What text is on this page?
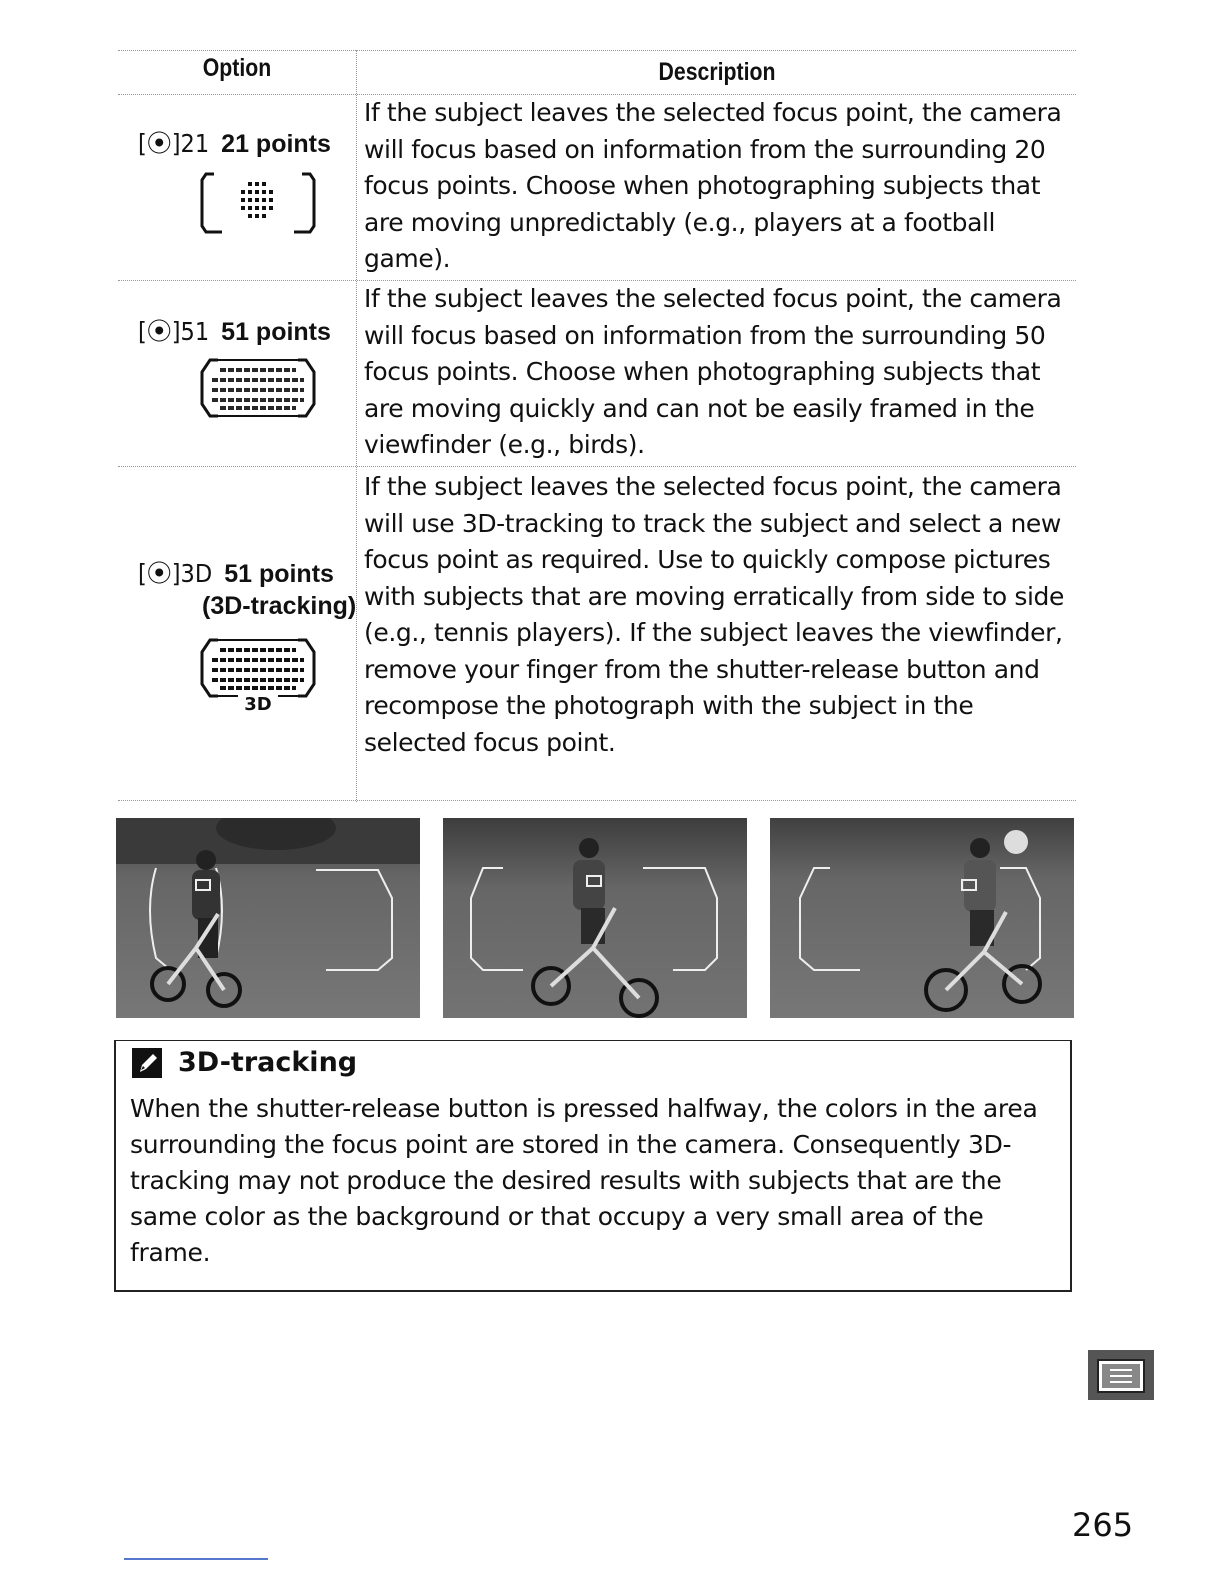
Option	Description
[⦿]21 21 points

If the subject leaves the selected focus point, the camera will focus based on information from the surrounding 20 focus points. Choose when photographing subjects that are moving unpredictably (e.g., players at a football game).

[⦿]51 51 points

If the subject leaves the selected focus point, the camera will focus based on information from the surrounding 50 focus points. Choose when photographing subjects that are moving quickly and can not be easily framed in the viewfinder (e.g., birds).

[⦿]3D 51 points
(3D-tracking)
3D

If the subject leaves the selected focus point, the camera will use 3D-tracking to track the subject and select a new focus point as required. Use to quickly compose pictures with subjects that are moving erratically from side to side (e.g., tennis players). If the subject leaves the viewfinder, remove your finger from the shutter-release button and recompose the photograph with the subject in the selected focus point.

3D-tracking

When the shutter-release button is pressed halfway, the colors in the area surrounding the focus point are stored in the camera. Consequently 3D-tracking may not produce the desired results with subjects that are the same color as the background or that occupy a very small area of the frame.

265
